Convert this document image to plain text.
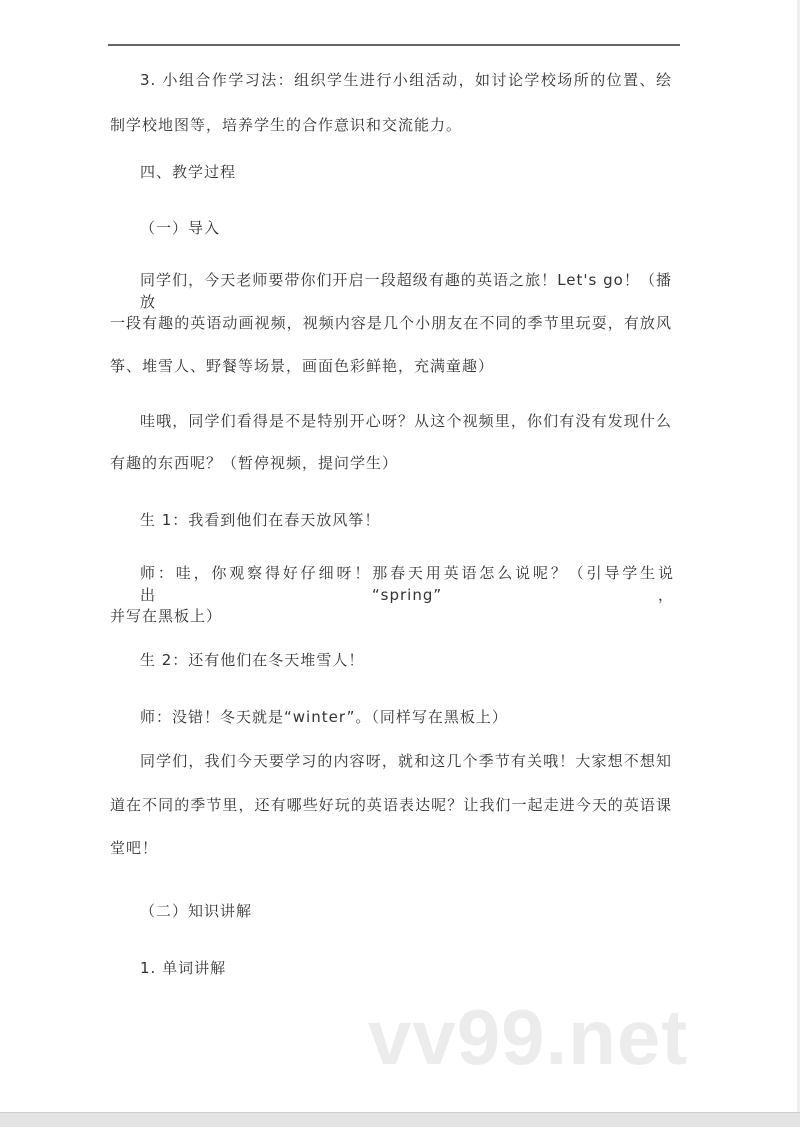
3. 小组合作学习法：组织学生进行小组活动，如讨论学校场所的位置、绘
制学校地图等，培养学生的合作意识和交流能力。
四、教学过程
（一）导入
同学们，今天老师要带你们开启一段超级有趣的英语之旅！Let's go！（播放
一段有趣的英语动画视频，视频内容是几个小朋友在不同的季节里玩耍，有放风
筝、堆雪人、野餐等场景，画面色彩鲜艳，充满童趣）
哇哦，同学们看得是不是特别开心呀？从这个视频里，你们有没有发现什么
有趣的东西呢？（暂停视频，提问学生）
生 1：我看到他们在春天放风筝！
师：哇，你观察得好仔细呀！那春天用英语怎么说呢？（引导学生说出“spring”，
并写在黑板上）
生 2：还有他们在冬天堆雪人！
师：没错！冬天就是“winter”。（同样写在黑板上）
同学们，我们今天要学习的内容呀，就和这几个季节有关哦！大家想不想知
道在不同的季节里，还有哪些好玩的英语表达呢？让我们一起走进今天的英语课
堂吧！
（二）知识讲解
1. 单词讲解
vv99.net
